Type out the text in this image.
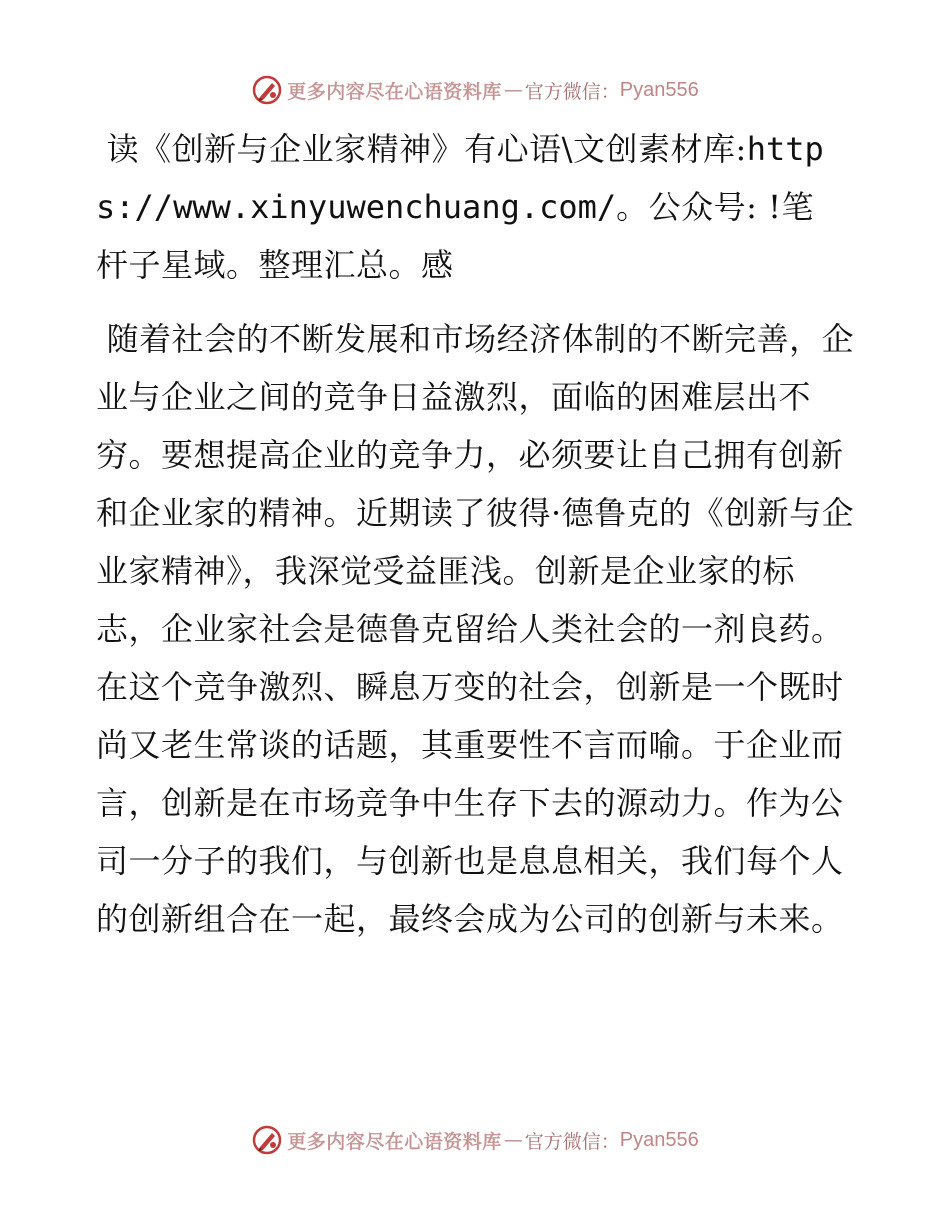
更多内容尽在心语资料库 — 官方微信： Pyan556

读《创新与企业家精神》有心语\文创素材库:https://www.xinyuwenchuang.com/。公众号: !笔杆子星域。整理汇总。感

随着社会的不断发展和市场经济体制的不断完善，企业与企业之间的竞争日益激烈，面临的困难层出不穷。要想提高企业的竞争力，必须要让自己拥有创新和企业家的精神。近期读了彼得·德鲁克的《创新与企业家精神》，我深觉受益匪浅。创新是企业家的标志，企业家社会是德鲁克留给人类社会的一剂良药。在这个竞争激烈、瞬息万变的社会，创新是一个既时尚又老生常谈的话题，其重要性不言而喻。于企业而言，创新是在市场竞争中生存下去的源动力。作为公司一分子的我们，与创新也是息息相关，我们每个人的创新组合在一起，最终会成为公司的创新与未来。

更多内容尽在心语资料库 — 官方微信： Pyan556
